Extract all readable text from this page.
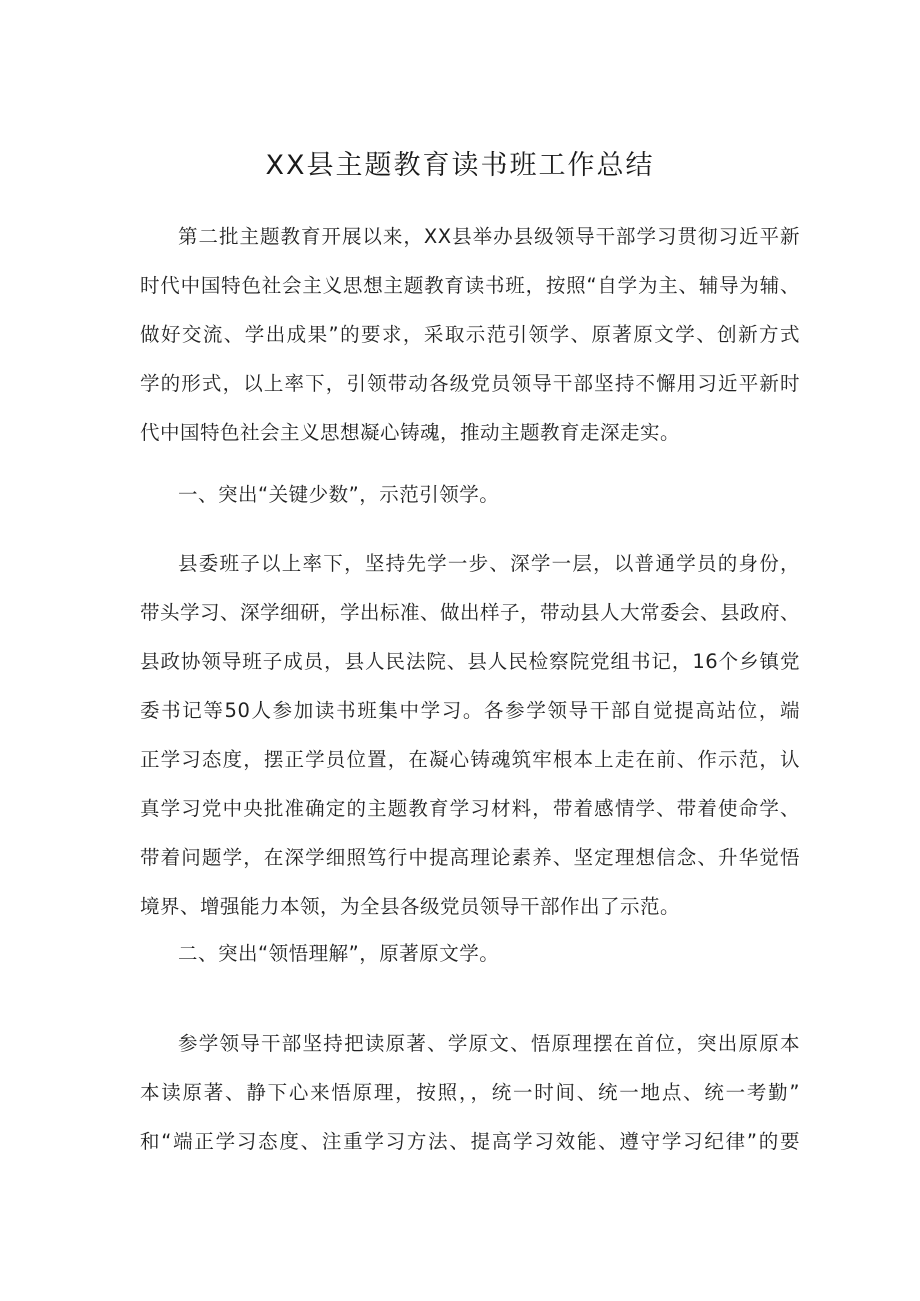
XX县主题教育读书班工作总结

第二批主题教育开展以来，XX县举办县级领导干部学习贯彻习近平新

时代中国特色社会主义思想主题教育读书班，按照“自学为主、辅导为辅、

做好交流、学出成果”的要求，采取示范引领学、原著原文学、创新方式

学的形式，以上率下，引领带动各级党员领导干部坚持不懈用习近平新时

代中国特色社会主义思想凝心铸魂，推动主题教育走深走实。

一、突出“关键少数”，示范引领学。

县委班子以上率下，坚持先学一步、深学一层，以普通学员的身份，

带头学习、深学细研，学出标准、做出样子，带动县人大常委会、县政府、

县政协领导班子成员，县人民法院、县人民检察院党组书记，16个乡镇党

委书记等50人参加读书班集中学习。各参学领导干部自觉提高站位，端

正学习态度，摆正学员位置，在凝心铸魂筑牢根本上走在前、作示范，认

真学习党中央批准确定的主题教育学习材料，带着感情学、带着使命学、

带着问题学，在深学细照笃行中提高理论素养、坚定理想信念、升华觉悟

境界、增强能力本领，为全县各级党员领导干部作出了示范。

二、突出“领悟理解”，原著原文学。

参学领导干部坚持把读原著、学原文、悟原理摆在首位，突出原原本

本读原著、静下心来悟原理，按照，，统一时间、统一地点、统一考勤”

和“端正学习态度、注重学习方法、提高学习效能、遵守学习纪律”的要
